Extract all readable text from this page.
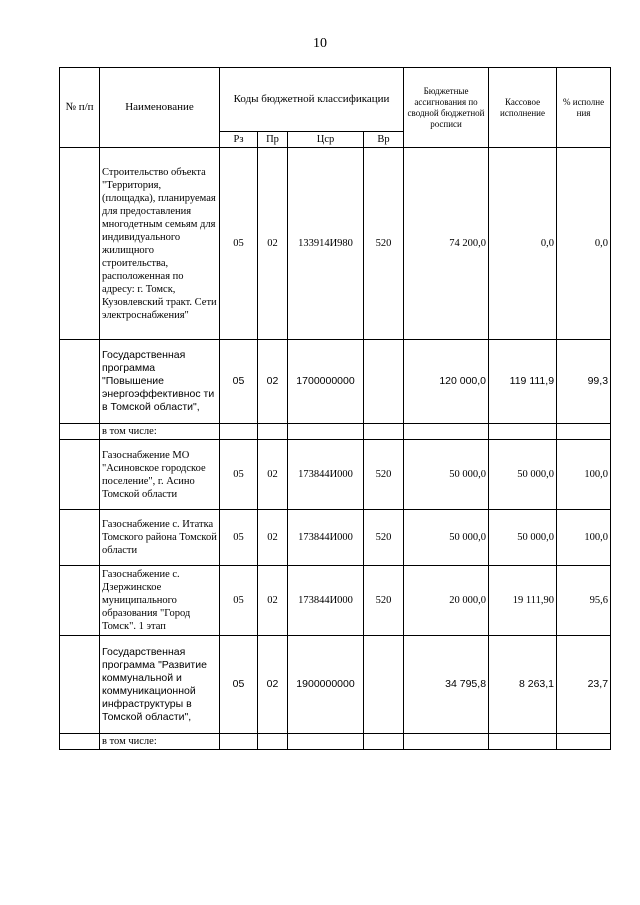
10
№ п/п	Наименование	Коды бюджетной классификации				Бюджетные ассигнования по сводной бюджетной росписи	Кассовое исполнение	% исполне ния
		Рз	Пр	Цср	Вр			
	Строительство объекта "Территория, (площадка), планируемая для предоставления многодетным семьям для индивидуального жилищного строительства, расположенная по адресу: г. Томск, Кузовлевский тракт. Сети электроснабжения"	05	02	133914И980	520	74 200,0	0,0	0,0
	Государственная программа "Повышение энергоэффективнос ти в Томской области",	05	02	1700000000		120 000,0	119 111,9	99,3
	в том числе:							
	Газоснабжение МО "Асиновское городское поселение", г. Асино Томской области	05	02	173844И000	520	50 000,0	50 000,0	100,0
	Газоснабжение с. Итатка Томского района Томской области	05	02	173844И000	520	50 000,0	50 000,0	100,0
	Газоснабжение с. Дзержинское муниципального образования "Город Томск". 1 этап	05	02	173844И000	520	20 000,0	19 111,90	95,6
	Государственная программа "Развитие коммунальной и коммуникационной инфраструктуры в Томской области",	05	02	1900000000		34 795,8	8 263,1	23,7
	в том числе:							
